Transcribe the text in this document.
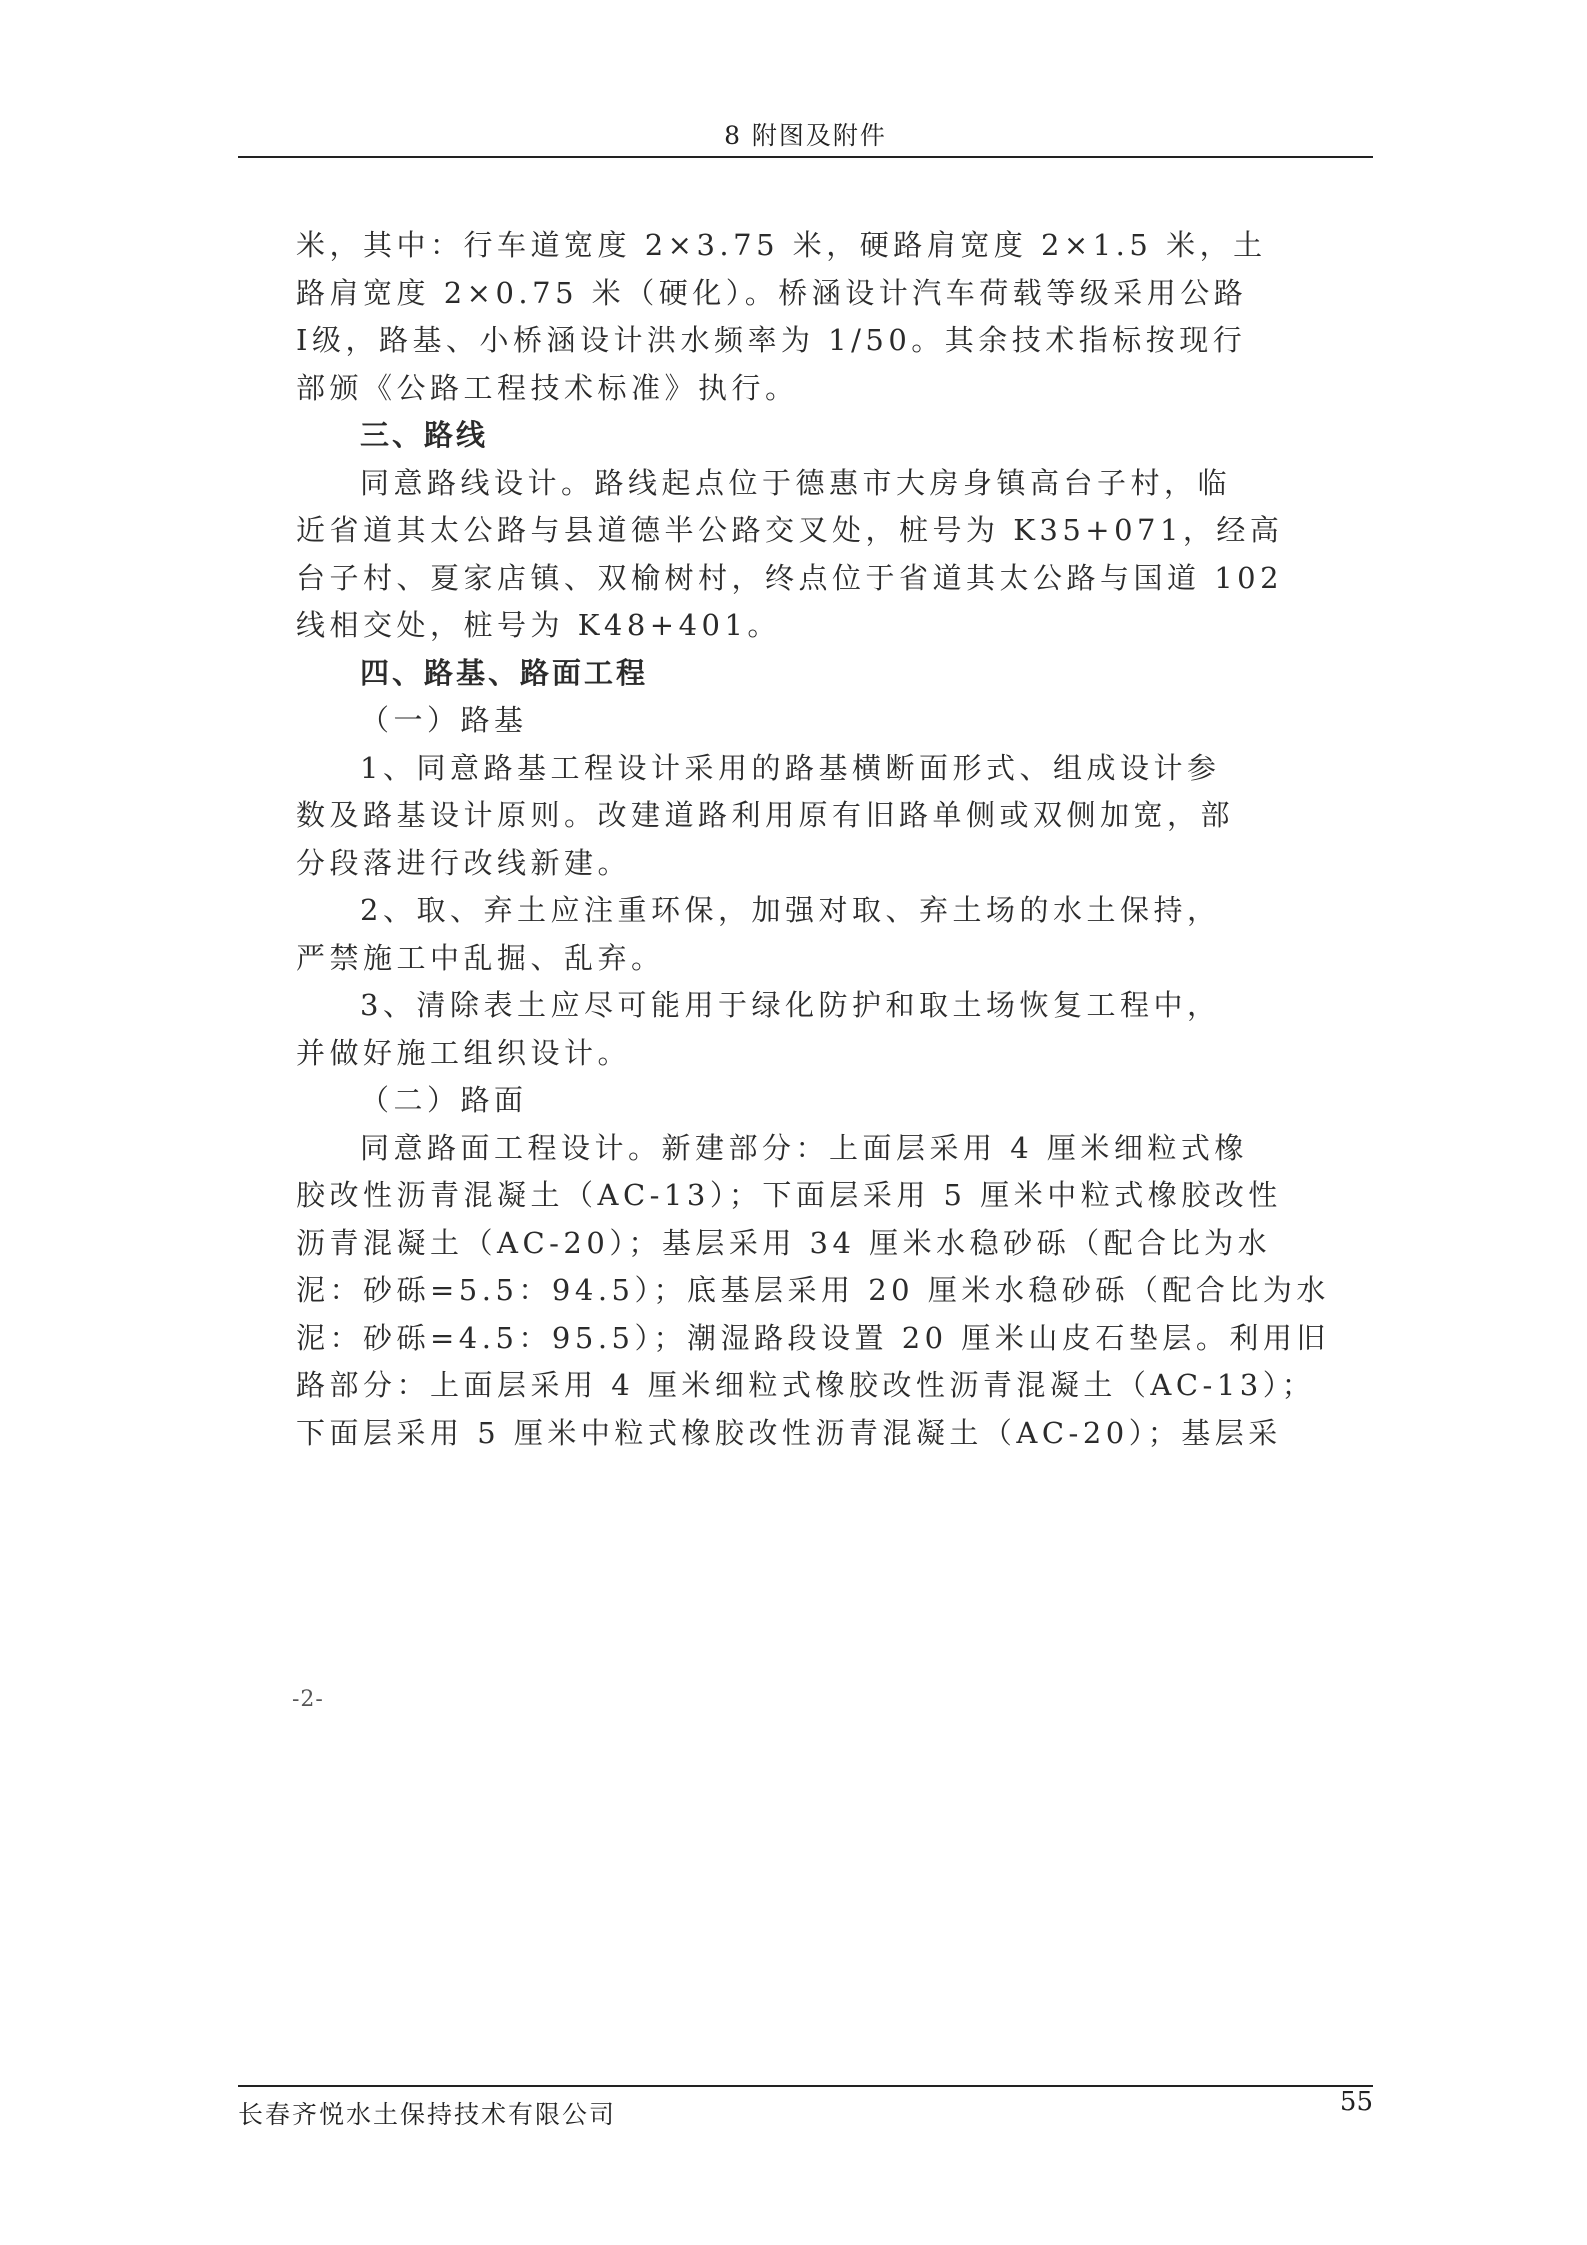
8 附图及附件
米，其中：行车道宽度 2×3.75 米，硬路肩宽度 2×1.5 米，土
路肩宽度 2×0.75 米（硬化）。桥涵设计汽车荷载等级采用公路
Ⅰ级，路基、小桥涵设计洪水频率为 1/50。其余技术指标按现行
部颁《公路工程技术标准》执行。
三、路线
同意路线设计。路线起点位于德惠市大房身镇高台子村，临
近省道其太公路与县道德半公路交叉处，桩号为 K35+071，经高
台子村、夏家店镇、双榆树村，终点位于省道其太公路与国道 102
线相交处，桩号为 K48+401。
四、路基、路面工程
（一）路基
1、同意路基工程设计采用的路基横断面形式、组成设计参
数及路基设计原则。改建道路利用原有旧路单侧或双侧加宽，部
分段落进行改线新建。
2、取、弃土应注重环保，加强对取、弃土场的水土保持，
严禁施工中乱掘、乱弃。
3、清除表土应尽可能用于绿化防护和取土场恢复工程中，
并做好施工组织设计。
（二）路面
同意路面工程设计。新建部分：上面层采用 4 厘米细粒式橡
胶改性沥青混凝土（AC-13）；下面层采用 5 厘米中粒式橡胶改性
沥青混凝土（AC-20）；基层采用 34 厘米水稳砂砾（配合比为水
泥：砂砾=5.5：94.5）；底基层采用 20 厘米水稳砂砾（配合比为水
泥：砂砾=4.5：95.5）；潮湿路段设置 20 厘米山皮石垫层。利用旧
路部分：上面层采用 4 厘米细粒式橡胶改性沥青混凝土（AC-13）；
下面层采用 5 厘米中粒式橡胶改性沥青混凝土（AC-20）；基层采
-2-
长春齐悦水土保持技术有限公司	55
